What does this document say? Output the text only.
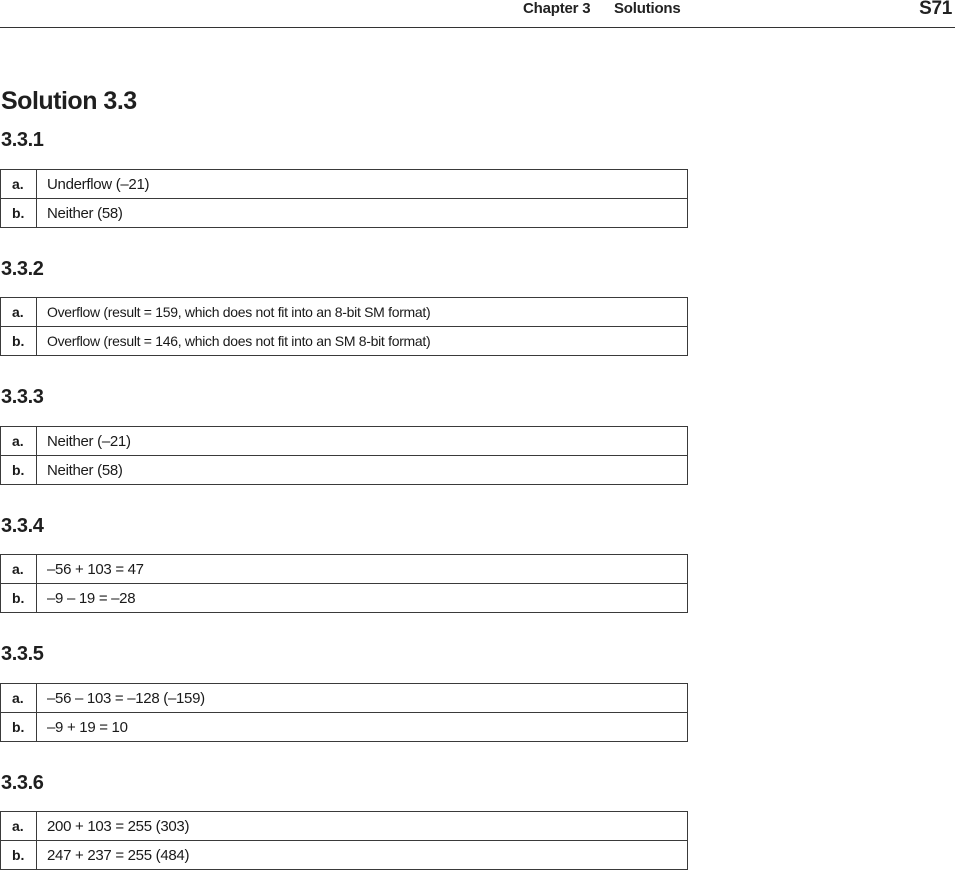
Chapter 3 Solutions	S71
Solution 3.3
3.3.1
a.	Underflow (–21)
b.	Neither (58)
3.3.2
a.	Overflow (result = 159, which does not fit into an 8-bit SM format)
b.	Overflow (result = 146, which does not fit into an SM 8-bit format)
3.3.3
a.	Neither (–21)
b.	Neither (58)
3.3.4
a.	–56 + 103 = 47
b.	–9 – 19 = –28
3.3.5
a.	–56 – 103 = –128 (–159)
b.	–9 + 19 = 10
3.3.6
a.	200 + 103 = 255 (303)
b.	247 + 237 = 255 (484)
